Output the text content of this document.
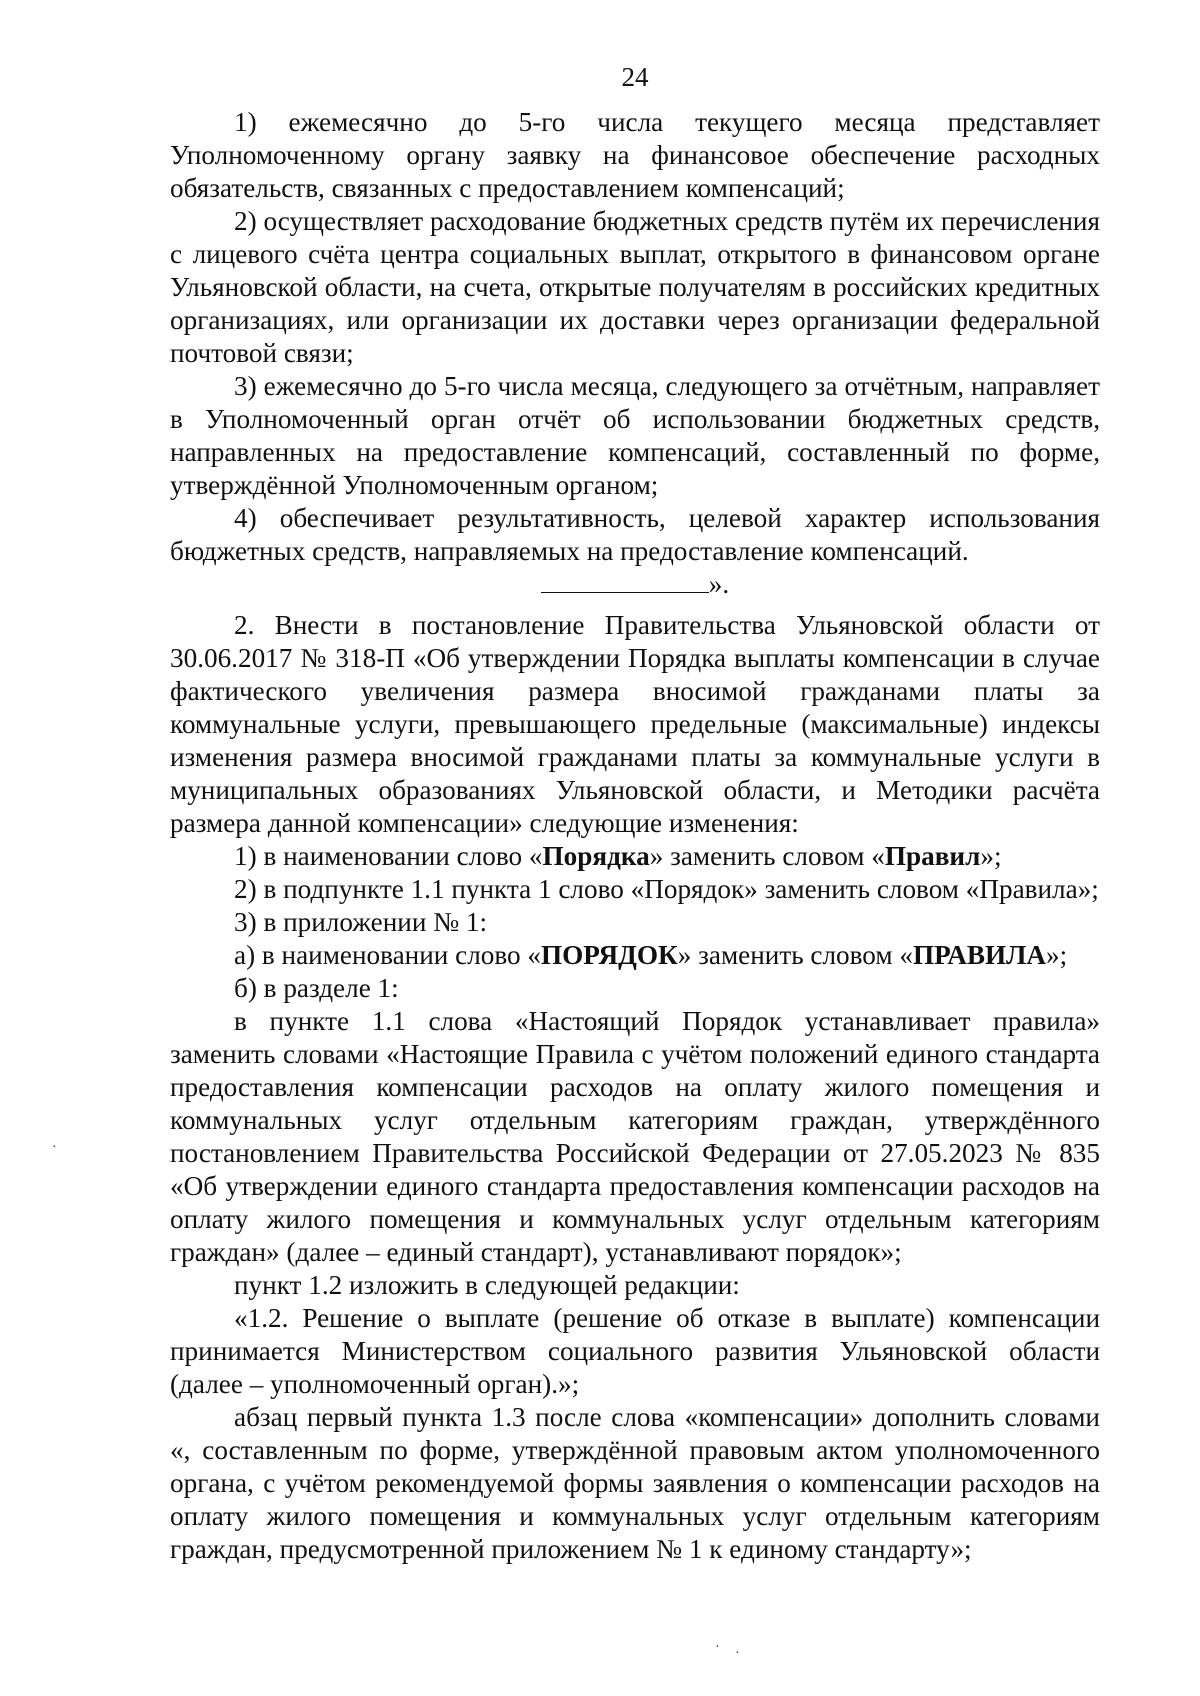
24

1) ежемесячно до 5-го числа текущего месяца представляет Уполномоченному органу заявку на финансовое обеспечение расходных обязательств, связанных с предоставлением компенсаций;

2) осуществляет расходование бюджетных средств путём их перечисления с лицевого счёта центра социальных выплат, открытого в финансовом органе Ульяновской области, на счета, открытые получателям в российских кредитных организациях, или организации их доставки через организации федеральной почтовой связи;

3) ежемесячно до 5-го числа месяца, следующего за отчётным, направляет в Уполномоченный орган отчёт об использовании бюджетных средств, направленных на предоставление компенсаций, составленный по форме, утверждённой Уполномоченным органом;

4) обеспечивает результативность, целевой характер использования бюджетных средств, направляемых на предоставление компенсаций.

».

2. Внести в постановление Правительства Ульяновской области от 30.06.2017 № 318-П «Об утверждении Порядка выплаты компенсации в случае фактического увеличения размера вносимой гражданами платы за коммунальные услуги, превышающего предельные (максимальные) индексы изменения размера вносимой гражданами платы за коммунальные услуги в муниципальных образованиях Ульяновской области, и Методики расчёта размера данной компенсации» следующие изменения:

1) в наименовании слово «Порядка» заменить словом «Правил»;

2) в подпункте 1.1 пункта 1 слово «Порядок» заменить словом «Правила»;

3) в приложении № 1:

а) в наименовании слово «ПОРЯДОК» заменить словом «ПРАВИЛА»;

б) в разделе 1:

в пункте 1.1 слова «Настоящий Порядок устанавливает правила» заменить словами «Настоящие Правила с учётом положений единого стандарта предоставления компенсации расходов на оплату жилого помещения и коммунальных услуг отдельным категориям граждан, утверждённого постановлением Правительства Российской Федерации от 27.05.2023 № 835 «Об утверждении единого стандарта предоставления компенсации расходов на оплату жилого помещения и коммунальных услуг отдельным категориям граждан» (далее – единый стандарт), устанавливают порядок»;

пункт 1.2 изложить в следующей редакции:

«1.2. Решение о выплате (решение об отказе в выплате) компенсации принимается Министерством социального развития Ульяновской области (далее – уполномоченный орган).»;

абзац первый пункта 1.3 после слова «компенсации» дополнить словами «, составленным по форме, утверждённой правовым актом уполномоченного органа, с учётом рекомендуемой формы заявления о компенсации расходов на оплату жилого помещения и коммунальных услуг отдельным категориям граждан, предусмотренной приложением № 1 к единому стандарту»;

·
· ·
